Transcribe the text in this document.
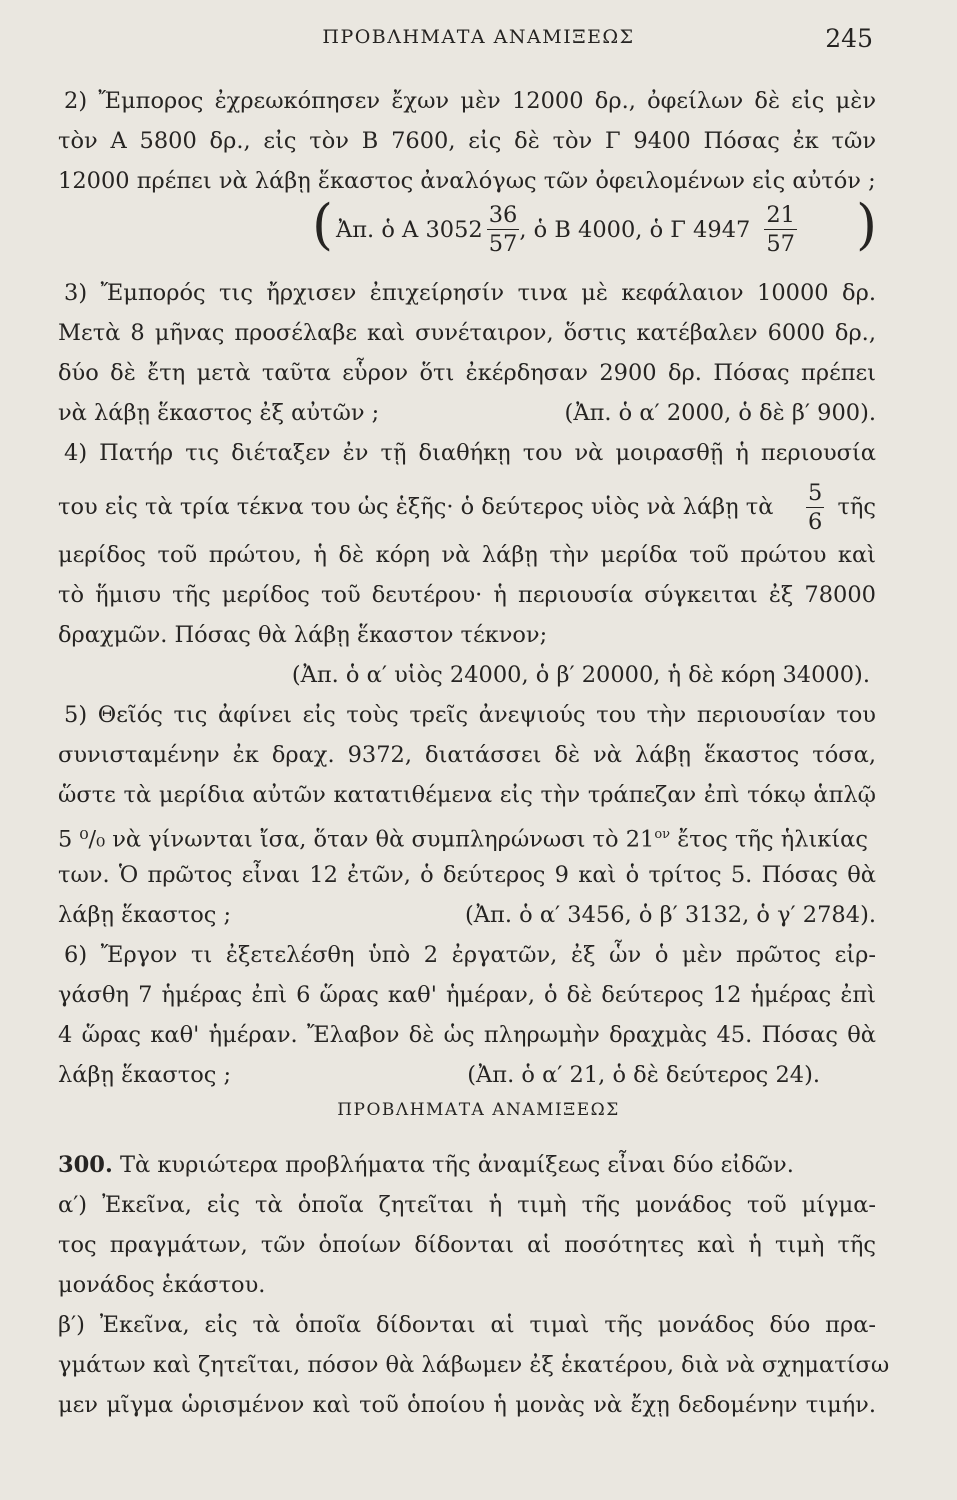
ΠΡΟΒΛΗΜΑΤΑ ΑΝΑΜΙΞΕΩΣ	245
2) Ἔμπορος ἐχρεωκόπησεν ἔχων μὲν 12000 δρ., ὀφείλων δὲ εἰς μὲν
τὸν Α 5800 δρ., εἰς τὸν Β 7600, εἰς δὲ τὸν Γ 9400 Πόσας ἐκ τῶν
12000 πρέπει νὰ λάβῃ ἕκαστος ἀναλόγως τῶν ὀφειλομένων εἰς αὐτόν ;
( Ἀπ. ὁ Α $3052 \frac{36}{57}$ , ὁ Β 4000, ὁ Γ $4947 \frac{21}{57}$ )
3) Ἔμπορός τις ἤρχισεν ἐπιχείρησίν τινα μὲ κεφάλαιον 10000 δρ.
Μετὰ 8 μῆνας προσέλαβε καὶ συνέταιρον, ὅστις κατέβαλεν 6000 δρ.,
δύο δὲ ἔτη μετὰ ταῦτα εὗρον ὅτι ἐκέρδησαν 2900 δρ. Πόσας πρέπει
νὰ λάβῃ ἕκαστος ἐξ αὐτῶν ;	(Ἀπ. ὁ α′ 2000, ὁ δὲ β′ 900).
4) Πατήρ τις διέταξεν ἐν τῇ διαθήκῃ του νὰ μοιρασθῇ ἡ περιουσία
του εἰς τὰ τρία τέκνα του ὡς ἑξῆς· ὁ δεύτερος υἱὸς νὰ λάβῃ τὰ $\frac{5}{6}$ τῆς
μερίδος τοῦ πρώτου, ἡ δὲ κόρη νὰ λάβῃ τὴν μερίδα τοῦ πρώτου καὶ
τὸ ἥμισυ τῆς μερίδος τοῦ δευτέρου· ἡ περιουσία σύγκειται ἐξ 78000
δραχμῶν. Πόσας θὰ λάβῃ ἕκαστον τέκνον;
(Ἀπ. ὁ α′ υἱὸς 24000, ὁ β′ 20000, ἡ δὲ κόρη 34000).
5) Θεῖός τις ἀφίνει εἰς τοὺς τρεῖς ἀνεψιούς του τὴν περιουσίαν του
συνισταμένην ἐκ δραχ. 9372, διατάσσει δὲ νὰ λάβῃ ἕκαστος τόσα,
ὥστε τὰ μερίδια αὐτῶν κατατιθέμενα εἰς τὴν τράπεζαν ἐπὶ τόκῳ ἁπλῷ
5 ⁰/₀ νὰ γίνωνται ἴσα, ὅταν θὰ συμπληρώνωσι τὸ $21^{o\nu}$ ἔτος τῆς ἡλικίας
των. Ὁ πρῶτος εἶναι 12 ἐτῶν, ὁ δεύτερος 9 καὶ ὁ τρίτος 5. Πόσας θὰ
λάβῃ ἕκαστος ;	(Ἀπ. ὁ α′ 3456, ὁ β′ 3132, ὁ γ′ 2784).
6) Ἔργον τι ἐξετελέσθη ὑπὸ 2 ἐργατῶν, ἐξ ὧν ὁ μὲν πρῶτος εἰρ-
γάσθη 7 ἡμέρας ἐπὶ 6 ὥρας καθ' ἡμέραν, ὁ δὲ δεύτερος 12 ἡμέρας ἐπὶ
4 ὥρας καθ' ἡμέραν. Ἔλαβον δὲ ὡς πληρωμὴν δραχμὰς 45. Πόσας θὰ
λάβῃ ἕκαστος ;	(Ἀπ. ὁ α′ 21, ὁ δὲ δεύτερος 24).
ΠΡΟΒΛΗΜΑΤΑ ΑΝΑΜΙΞΕΩΣ
300. Τὰ κυριώτερα προβλήματα τῆς ἀναμίξεως εἶναι δύο εἰδῶν.
α′) Ἐκεῖνα, εἰς τὰ ὁποῖα ζητεῖται ἡ τιμὴ τῆς μονάδος τοῦ μίγμα-
τος πραγμάτων, τῶν ὁποίων δίδονται αἱ ποσότητες καὶ ἡ τιμὴ τῆς
μονάδος ἑκάστου.
β′) Ἐκεῖνα, εἰς τὰ ὁποῖα δίδονται αἱ τιμαὶ τῆς μονάδος δύο πρα-
γμάτων καὶ ζητεῖται, πόσον θὰ λάβωμεν ἐξ ἑκατέρου, διὰ νὰ σχηματίσω
μεν μῖγμα ὡρισμένον καὶ τοῦ ὁποίου ἡ μονὰς νὰ ἔχῃ δεδομένην τιμήν.
